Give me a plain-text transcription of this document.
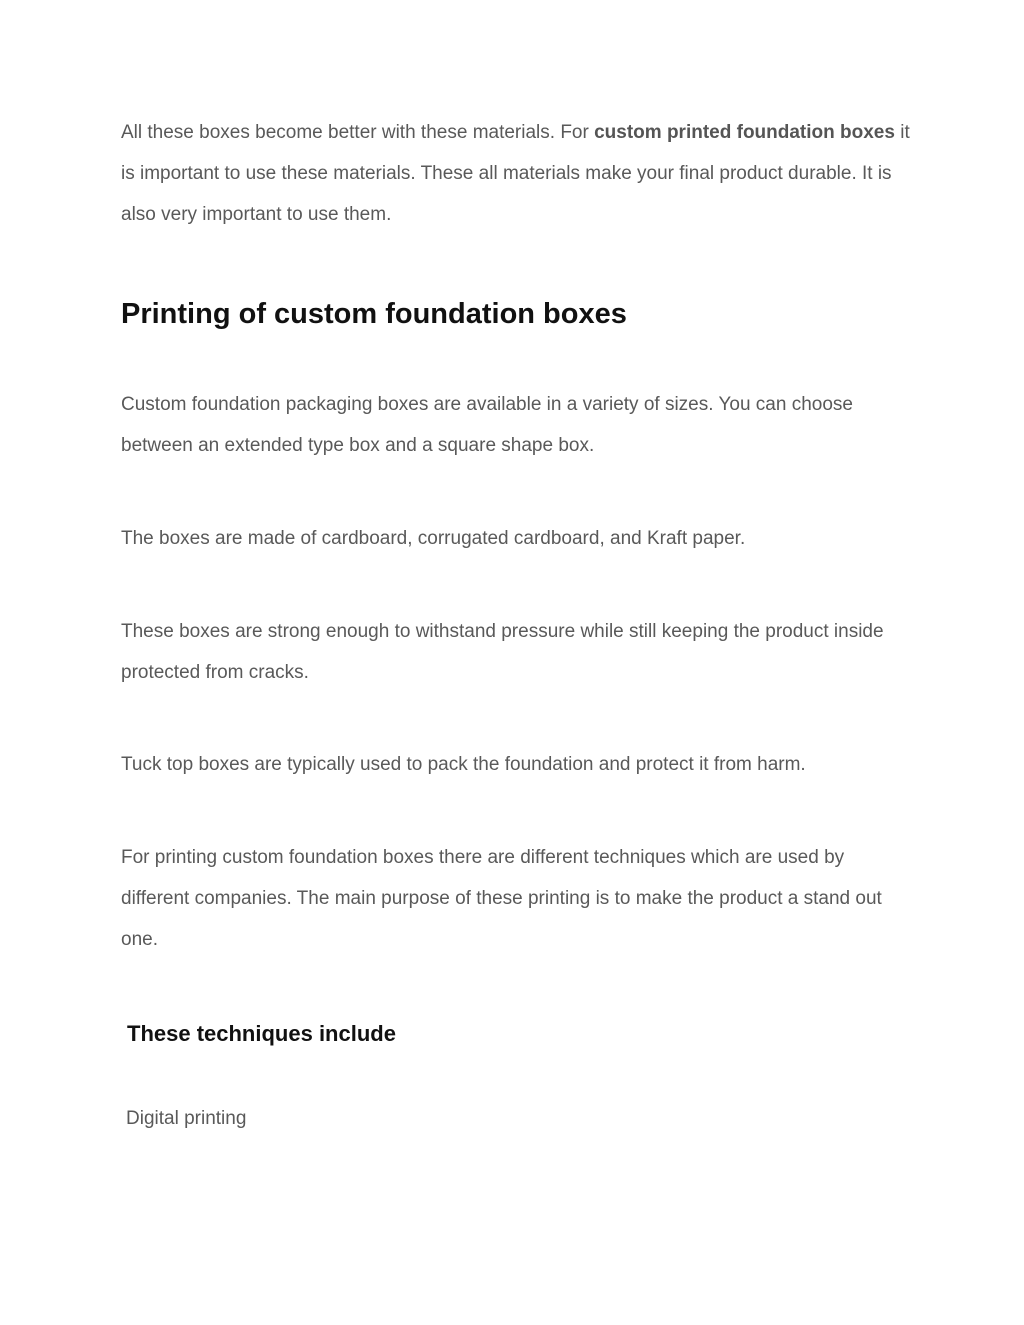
All these boxes become better with these materials. For custom printed foundation boxes it is important to use these materials. These all materials make your final product durable. It is also very important to use them.

Printing of custom foundation boxes

Custom foundation packaging boxes are available in a variety of sizes. You can choose between an extended type box and a square shape box.

The boxes are made of cardboard, corrugated cardboard, and Kraft paper.

These boxes are strong enough to withstand pressure while still keeping the product inside protected from cracks.

Tuck top boxes are typically used to pack the foundation and protect it from harm.

For printing custom foundation boxes there are different techniques which are used by different companies. The main purpose of these printing is to make the product a stand out one.

These techniques include

Digital printing
